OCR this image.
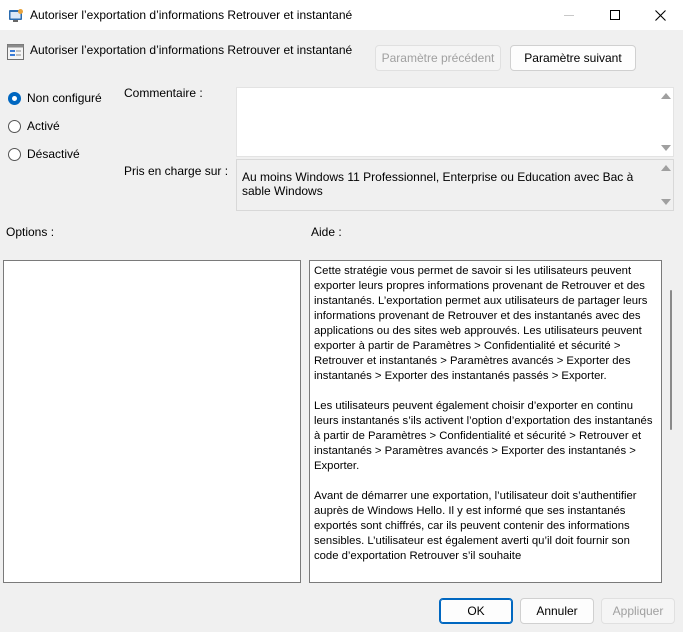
Autoriser l’exportation d’informations Retrouver et instantané
Autoriser l’exportation d’informations Retrouver et instantané
Paramètre précédent	Paramètre suivant
Non configuré
Activé
Désactivé
Commentaire :
Pris en charge sur : Au moins Windows 11 Professionnel, Enterprise ou Education avec Bac à sable Windows
Options :	Aide :

Cette stratégie vous permet de savoir si les utilisateurs peuvent exporter leurs propres informations provenant de Retrouver et des instantanés. L’exportation permet aux utilisateurs de partager leurs informations provenant de Retrouver et des instantanés avec des applications ou des sites web approuvés. Les utilisateurs peuvent exporter à partir de Paramètres > Confidentialité et sécurité > Retrouver et instantanés > Paramètres avancés > Exporter des instantanés > Exporter des instantanés passés > Exporter.

Les utilisateurs peuvent également choisir d’exporter en continu leurs instantanés s’ils activent l’option d’exportation des instantanés à partir de Paramètres > Confidentialité et sécurité > Retrouver et instantanés > Paramètres avancés > Exporter des instantanés > Exporter.

Avant de démarrer une exportation, l’utilisateur doit s’authentifier auprès de Windows Hello. Il y est informé que ses instantanés exportés sont chiffrés, car ils peuvent contenir des informations sensibles. L’utilisateur est également averti qu’il doit fournir son code d’exportation Retrouver s’il souhaite

OK	Annuler	Appliquer
